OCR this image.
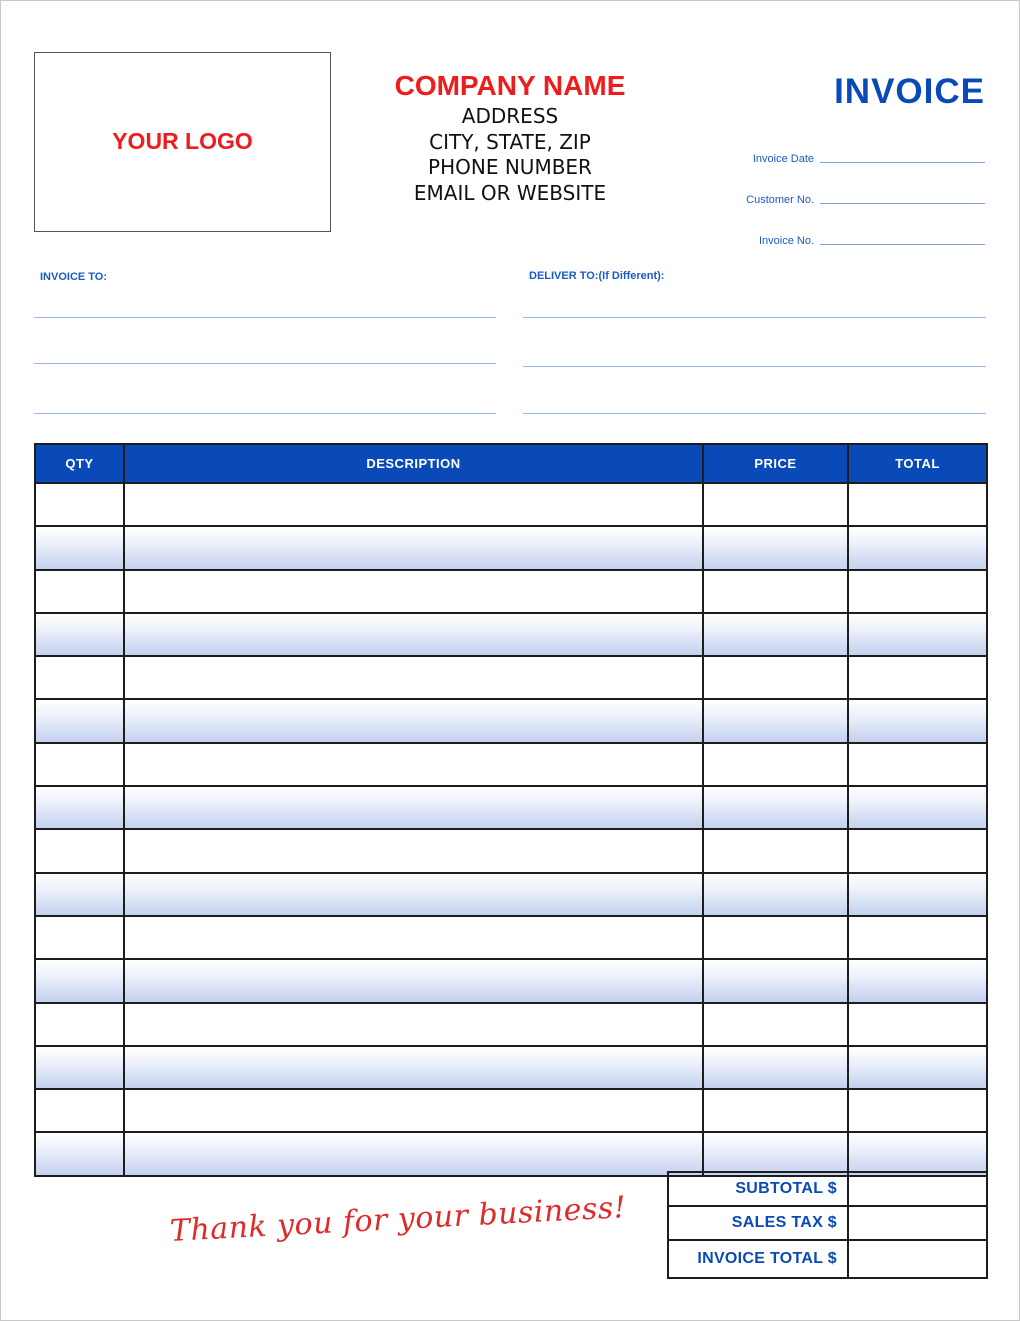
YOUR LOGO
COMPANY NAME
ADDRESS
CITY, STATE, ZIP
PHONE NUMBER
EMAIL OR WEBSITE
INVOICE
Invoice Date
Customer No.
Invoice No.
INVOICE TO:	DELIVER TO:(If Different):
QTY	DESCRIPTION	PRICE	TOTAL

SUBTOTAL $	
SALES TAX $	
INVOICE TOTAL $	
Thank you for your business!
